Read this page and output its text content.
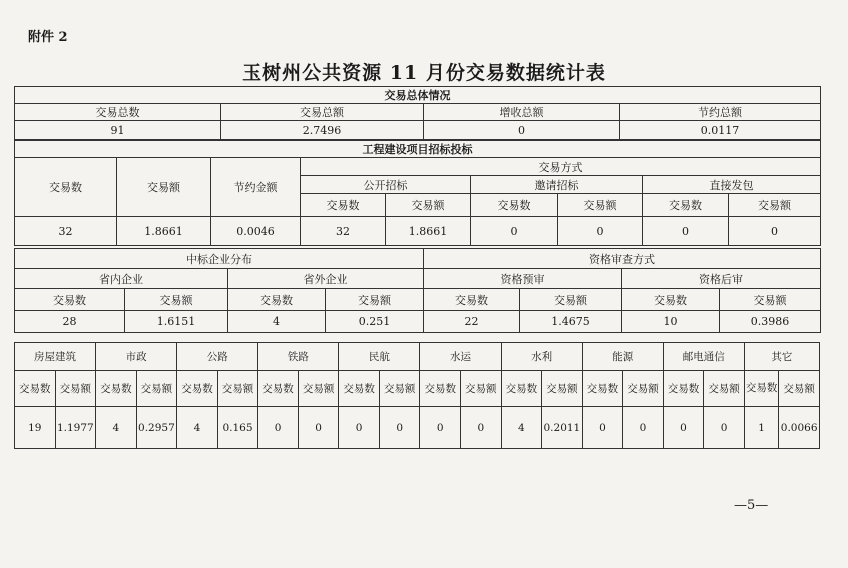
附件 2
玉树州公共资源 11 月份交易数据统计表
交易总体情况			
交易总数	交易总额	增收总额	节约总额
91	2.7496	0	0.0117
工程建设项目招标投标								
交易数	交易额	节约金额	交易方式					
			公开招标		邀请招标		直接发包	
			交易数	交易额	交易数	交易额	交易数	交易额
32	1.8661	0.0046	32	1.8661	0	0	0	0
中标企业分布				资格审查方式			
省内企业		省外企业		资格预审		资格后审	
交易数	交易额	交易数	交易额	交易数	交易额	交易数	交易额
28	1.6151	4	0.251	22	1.4675	10	0.3986
房屋建筑		市政		公路		铁路		民航		水运		水利		能源		邮电通信		其它	
交易数	交易额	交易数	交易额	交易数	交易额	交易数	交易额	交易数	交易额	交易数	交易额	交易数	交易额	交易数	交易额	交易数	交易额	交易数	交易额
19	1.1977	4	0.2957	4	0.165	0	0	0	0	0	0	4	0.2011	0	0	0	0	1	0.0066
—5—
